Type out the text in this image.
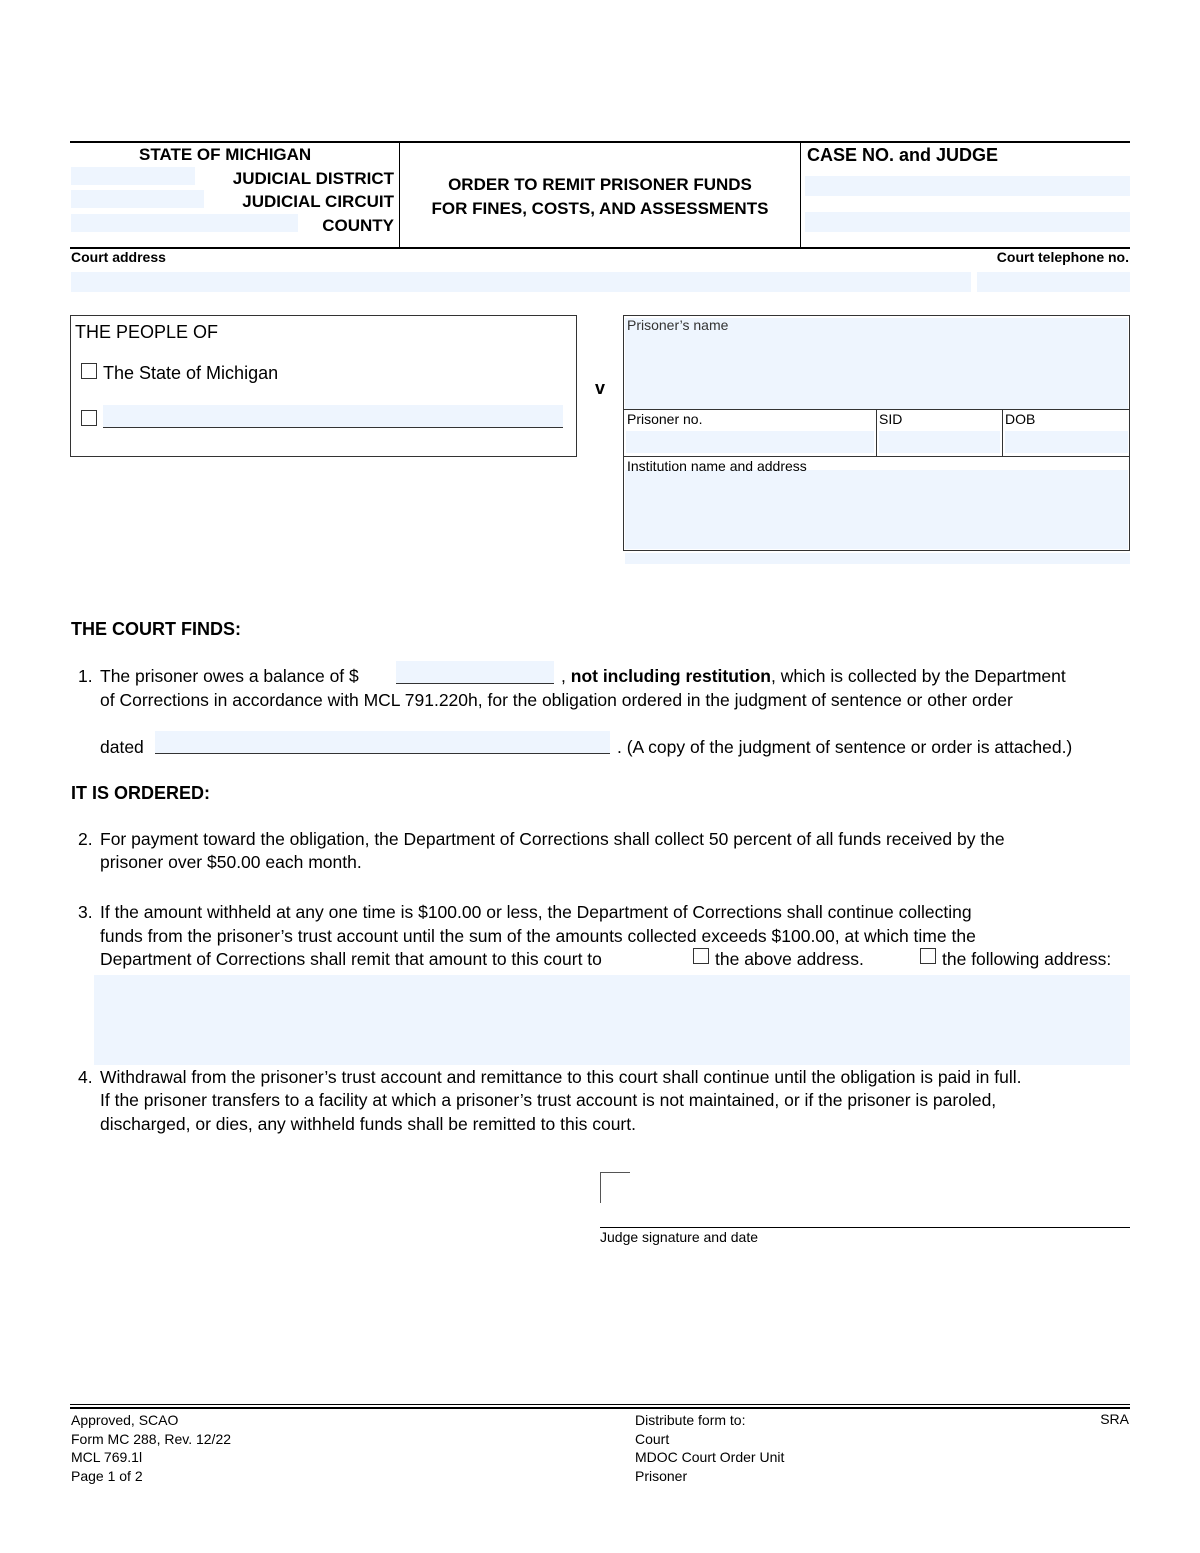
STATE OF MICHIGAN
JUDICIAL DISTRICT
JUDICIAL CIRCUIT
COUNTY
ORDER TO REMIT PRISONER FUNDS
FOR FINES, COSTS, AND ASSESSMENTS
CASE NO. and JUDGE
Court address	Court telephone no.
THE PEOPLE OF
The State of Michigan
v
Prisoner’s name
Prisoner no.	SID	DOB
Institution name and address
THE COURT FINDS:
1. The prisoner owes a balance of $	, not including restitution, which is collected by the Department
of Corrections in accordance with MCL 791.220h, for the obligation ordered in the judgment of sentence or other order
dated	. (A copy of the judgment of sentence or order is attached.)
IT IS ORDERED:
2. For payment toward the obligation, the Department of Corrections shall collect 50 percent of all funds received by the
prisoner over $50.00 each month.
3. If the amount withheld at any one time is $100.00 or less, the Department of Corrections shall continue collecting
funds from the prisoner’s trust account until the sum of the amounts collected exceeds $100.00, at which time the
Department of Corrections shall remit that amount to this court to	the above address.	the following address:
4. Withdrawal from the prisoner’s trust account and remittance to this court shall continue until the obligation is paid in full.
If the prisoner transfers to a facility at which a prisoner’s trust account is not maintained, or if the prisoner is paroled,
discharged, or dies, any withheld funds shall be remitted to this court.
Judge signature and date
Approved, SCAO
Form MC 288, Rev. 12/22
MCL 769.1l
Page 1 of 2
Distribute form to:
Court
MDOC Court Order Unit
Prisoner
SRA
